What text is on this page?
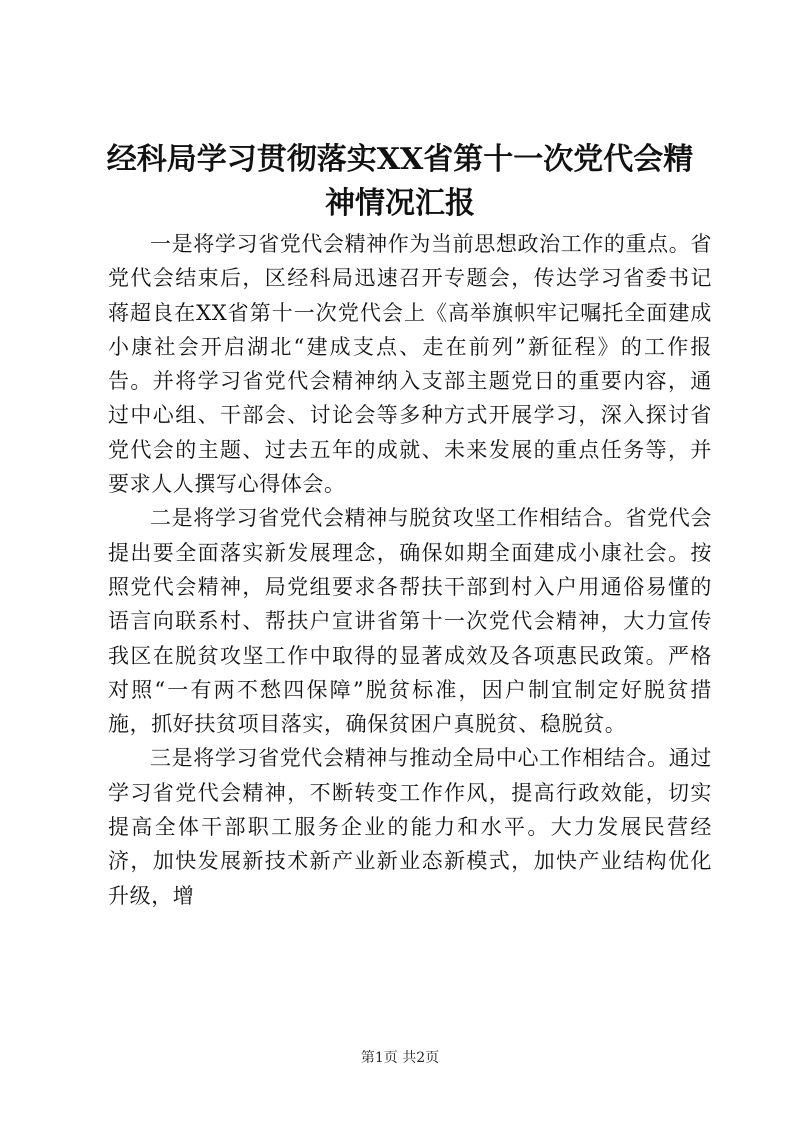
经科局学习贯彻落实XX省第十一次党代会精神情况汇报

一是将学习省党代会精神作为当前思想政治工作的重点。省党代会结束后，区经科局迅速召开专题会，传达学习省委书记蒋超良在XX省第十一次党代会上《高举旗帜牢记嘱托全面建成小康社会开启湖北“建成支点、走在前列”新征程》的工作报告。并将学习省党代会精神纳入支部主题党日的重要内容，通过中心组、干部会、讨论会等多种方式开展学习，深入探讨省党代会的主题、过去五年的成就、未来发展的重点任务等，并要求人人撰写心得体会。

二是将学习省党代会精神与脱贫攻坚工作相结合。省党代会提出要全面落实新发展理念，确保如期全面建成小康社会。按照党代会精神，局党组要求各帮扶干部到村入户用通俗易懂的语言向联系村、帮扶户宣讲省第十一次党代会精神，大力宣传我区在脱贫攻坚工作中取得的显著成效及各项惠民政策。严格对照“一有两不愁四保障”脱贫标准，因户制宜制定好脱贫措施，抓好扶贫项目落实，确保贫困户真脱贫、稳脱贫。

三是将学习省党代会精神与推动全局中心工作相结合。通过学习省党代会精神，不断转变工作作风，提高行政效能，切实提高全体干部职工服务企业的能力和水平。大力发展民营经济，加快发展新技术新产业新业态新模式，加快产业结构优化升级，增

第1页 共2页
